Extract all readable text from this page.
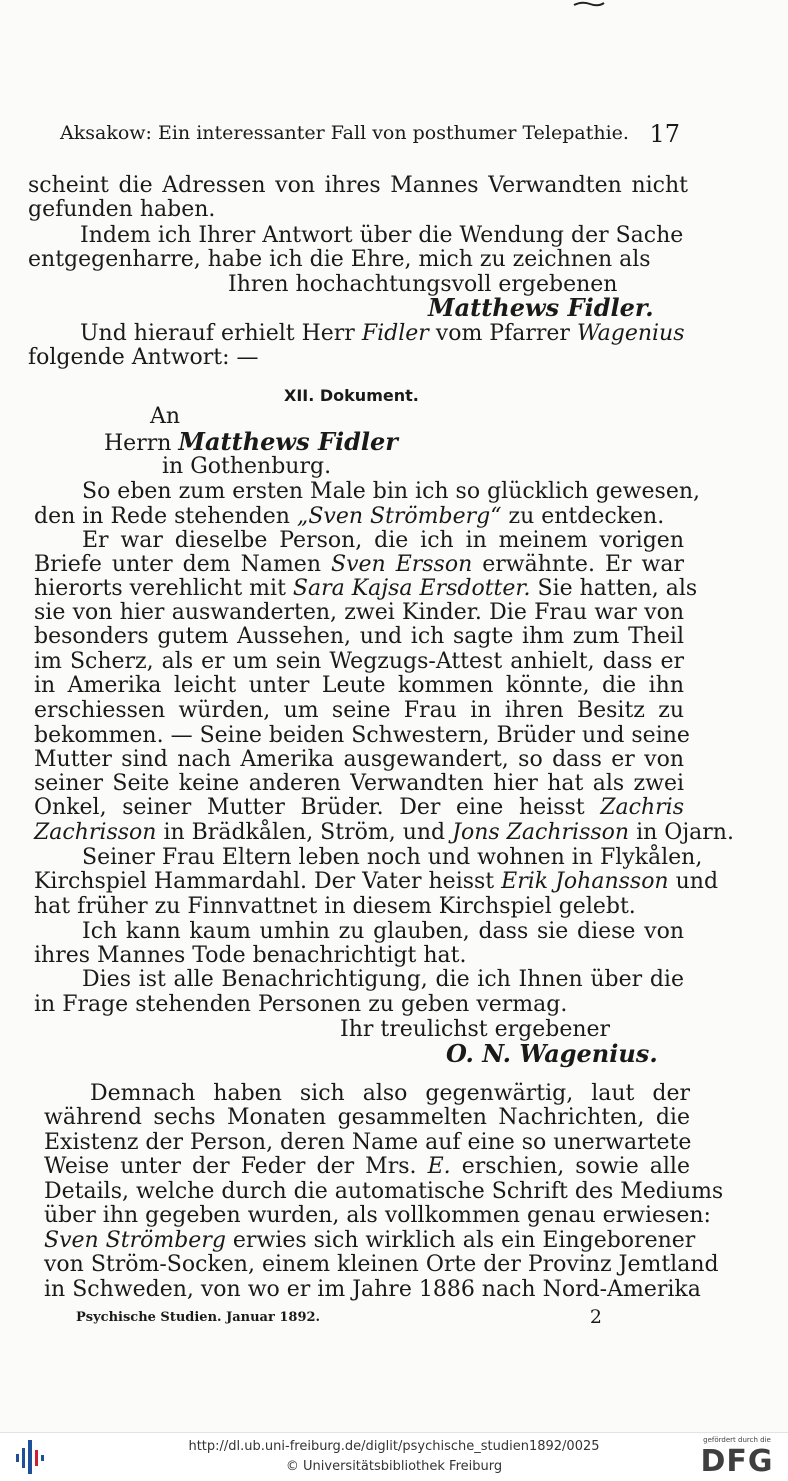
Aksakow: Ein interessanter Fall von posthumer Telepathie. 17
scheint die Adressen von ihres Mannes Verwandten nicht
gefunden haben.
Indem ich Ihrer Antwort über die Wendung der Sache
entgegenharre, habe ich die Ehre, mich zu zeichnen als
Ihren hochachtungsvoll ergebenen
Matthews Fidler.
Und hierauf erhielt Herr Fidler vom Pfarrer Wagenius
folgende Antwort: —
XII. Dokument.
An
Herrn Matthews Fidler
in Gothenburg.
So eben zum ersten Male bin ich so glücklich gewesen,
den in Rede stehenden „Sven Strömberg“ zu entdecken.
Er war dieselbe Person, die ich in meinem vorigen
Briefe unter dem Namen Sven Ersson erwähnte. Er war
hierorts verehlicht mit Sara Kajsa Ersdotter. Sie hatten, als
sie von hier auswanderten, zwei Kinder. Die Frau war von
besonders gutem Aussehen, und ich sagte ihm zum Theil
im Scherz, als er um sein Wegzugs-Attest anhielt, dass er
in Amerika leicht unter Leute kommen könnte, die ihn
erschiessen würden, um seine Frau in ihren Besitz zu
bekommen. — Seine beiden Schwestern, Brüder und seine
Mutter sind nach Amerika ausgewandert, so dass er von
seiner Seite keine anderen Verwandten hier hat als zwei
Onkel, seiner Mutter Brüder. Der eine heisst Zachris
Zachrisson in Brädkålen, Ström, und Jons Zachrisson in Ojarn.
Seiner Frau Eltern leben noch und wohnen in Flykålen,
Kirchspiel Hammardahl. Der Vater heisst Erik Johansson und
hat früher zu Finnvattnet in diesem Kirchspiel gelebt.
Ich kann kaum umhin zu glauben, dass sie diese von
ihres Mannes Tode benachrichtigt hat.
Dies ist alle Benachrichtigung, die ich Ihnen über die
in Frage stehenden Personen zu geben vermag.
Ihr treulichst ergebener
O. N. Wagenius.
Demnach haben sich also gegenwärtig, laut der
während sechs Monaten gesammelten Nachrichten, die
Existenz der Person, deren Name auf eine so unerwartete
Weise unter der Feder der Mrs. E. erschien, sowie alle
Details, welche durch die automatische Schrift des Mediums
über ihn gegeben wurden, als vollkommen genau erwiesen:
Sven Strömberg erwies sich wirklich als ein Eingeborener
von Ström-Socken, einem kleinen Orte der Provinz Jemtland
in Schweden, von wo er im Jahre 1886 nach Nord-Amerika
Psychische Studien. Januar 1892.	2
http://dl.ub.uni-freiburg.de/diglit/psychische_studien1892/0025
© Universitätsbibliothek Freiburg
gefördert durch die
DFG
